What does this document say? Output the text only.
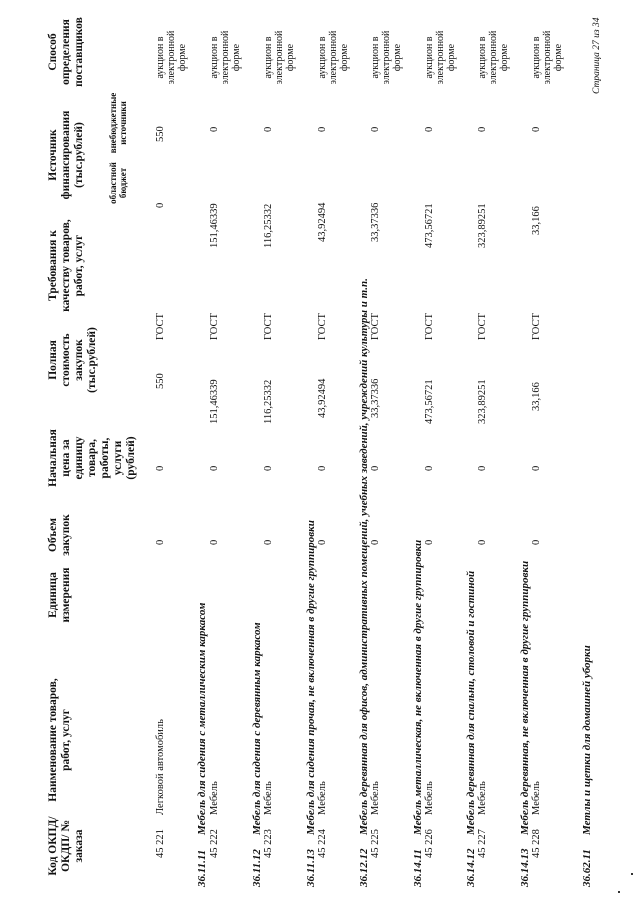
Код ОКПД/ ОКДП/ № заказа
Наименование товаров, работ, услуг
Единица измерения
Объем закупок
Начальная цена за единицу товара, работы, услуги (рублей)
Полная стоимость закупок (тыс.рублей)
Требования к качеству товаров, работ, услуг
Источник финансирования (тыс.рублей)	областной бюджет
внебюджетные источники
Способ определения поставщиков
45 221
Легковой автомобиль
0
0
550
ГОСТ
0
550
аукцион в электронной форме
36.11.11
Мебель для сидения с металлическим каркасом
45 222
Мебель
0
0
151,46339
ГОСТ
151,46339
0
аукцион в электронной форме
36.11.12
Мебель для сидения с деревянным каркасом
45 223
Мебель
0
0
116,25332
ГОСТ
116,25332
0
аукцион в электронной форме
36.11.13
Мебель для сидения прочая, не включенная в другие группировки
45 224
Мебель
0
0
43,92494
ГОСТ
43,92494
0
аукцион в электронной форме
36.12.12
Мебель деревянная для офисов, административных помещений, учебных заведений, учреждений культуры и т.п.
45 225
Мебель
0
0
33,37336
ГОСТ
33,37336
0
аукцион в электронной форме
36.14.11
Мебель металлическая, не включенная в другие группировки
45 226
Мебель
0
0
473,56721
ГОСТ
473,56721
0
аукцион в электронной форме
36.14.12
Мебель деревянная для спальни, столовой и гостиной
45 227
Мебель
0
0
323,89251
ГОСТ
323,89251
0
аукцион в электронной форме
36.14.13
Мебель деревянная, не включенная в другие группировки
45 228
Мебель
0
0
33,166
ГОСТ
33,166
0
аукцион в электронной форме
36.62.11
Метлы и щетки для домашней уборки
Страница 27 из 34
